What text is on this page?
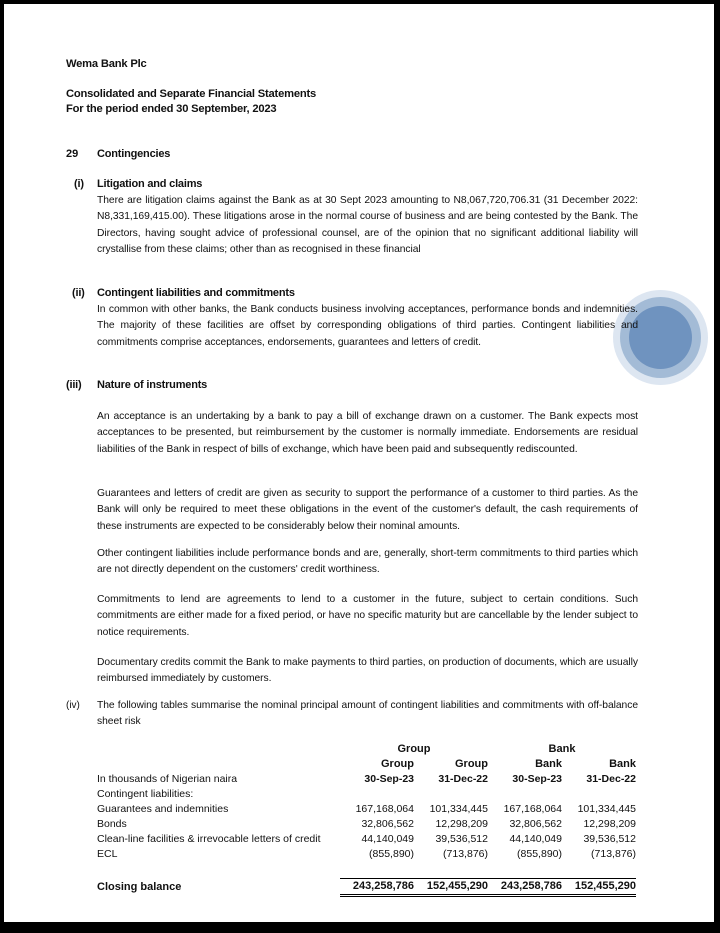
Wema Bank Plc
Consolidated and Separate Financial Statements
For the period ended 30 September, 2023
29 Contingencies
(i) Litigation and claims
There are litigation claims against the Bank as at 30 Sept 2023 amounting to N8,067,720,706.31 (31 December 2022: N8,331,169,415.00). These litigations arose in the normal course of business and are being contested by the Bank. The Directors, having sought advice of professional counsel, are of the opinion that no significant additional liability will crystallise from these claims; other than as recognised in these financial
(ii) Contingent liabilities and commitments
In common with other banks, the Bank conducts business involving acceptances, performance bonds and indemnities. The majority of these facilities are offset by corresponding obligations of third parties. Contingent liabilities and commitments comprise acceptances, endorsements, guarantees and letters of credit.
(iii) Nature of instruments
An acceptance is an undertaking by a bank to pay a bill of exchange drawn on a customer. The Bank expects most acceptances to be presented, but reimbursement by the customer is normally immediate. Endorsements are residual liabilities of the Bank in respect of bills of exchange, which have been paid and subsequently rediscounted.
Guarantees and letters of credit are given as security to support the performance of a customer to third parties. As the Bank will only be required to meet these obligations in the event of the customer's default, the cash requirements of these instruments are expected to be considerably below their nominal amounts.
Other contingent liabilities include performance bonds and are, generally, short-term commitments to third parties which are not directly dependent on the customers' credit worthiness.
Commitments to lend are agreements to lend to a customer in the future, subject to certain conditions. Such commitments are either made for a fixed period, or have no specific maturity but are cancellable by the lender subject to notice requirements.
Documentary credits commit the Bank to make payments to third parties, on production of documents, which are usually reimbursed immediately by customers.
(iv) The following tables summarise the nominal principal amount of contingent liabilities and commitments with off-balance sheet risk
	Group		Bank	
	Group	Group	Bank	Bank
In thousands of Nigerian naira	30-Sep-23	31-Dec-22	30-Sep-23	31-Dec-22
Contingent liabilities:				
Guarantees and indemnities	167,168,064	101,334,445	167,168,064	101,334,445
Bonds	32,806,562	12,298,209	32,806,562	12,298,209
Clean-line facilities & irrevocable letters of credit	44,140,049	39,536,512	44,140,049	39,536,512
ECL	(855,890)	(713,876)	(855,890)	(713,876)

Closing balance	243,258,786	152,455,290	243,258,786	152,455,290
